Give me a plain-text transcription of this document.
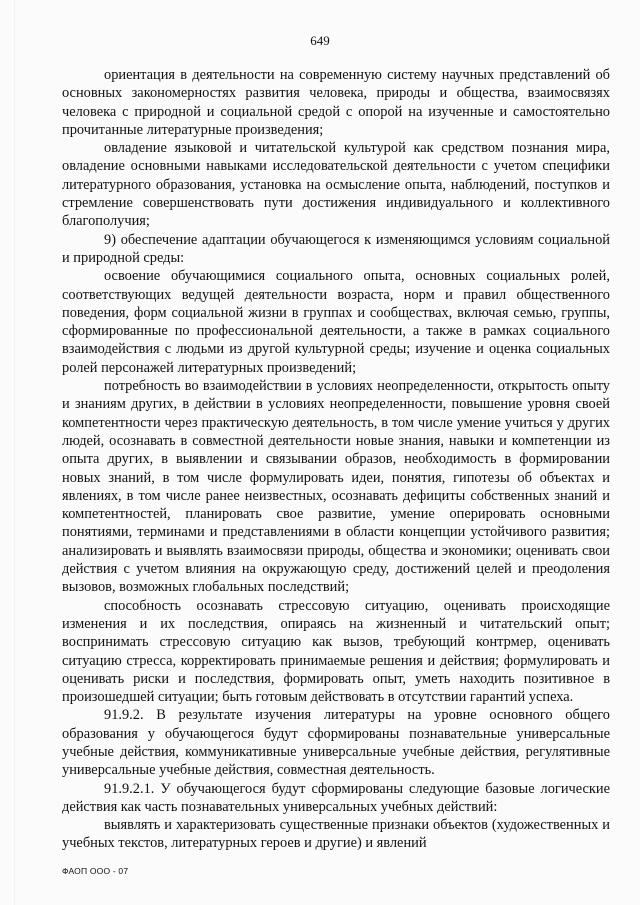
649

ориентация в деятельности на современную систему научных представлений об основных закономерностях развития человека, природы и общества, взаимосвязях человека с природной и социальной средой с опорой на изученные и самостоятельно прочитанные литературные произведения;

овладение языковой и читательской культурой как средством познания мира, овладение основными навыками исследовательской деятельности с учетом специфики литературного образования, установка на осмысление опыта, наблюдений, поступков и стремление совершенствовать пути достижения индивидуального и коллективного благополучия;

9) обеспечение адаптации обучающегося к изменяющимся условиям социальной и природной среды:

освоение обучающимися социального опыта, основных социальных ролей, соответствующих ведущей деятельности возраста, норм и правил общественного поведения, форм социальной жизни в группах и сообществах, включая семью, группы, сформированные по профессиональной деятельности, а также в рамках социального взаимодействия с людьми из другой культурной среды; изучение и оценка социальных ролей персонажей литературных произведений;

потребность во взаимодействии в условиях неопределенности, открытость опыту и знаниям других, в действии в условиях неопределенности, повышение уровня своей компетентности через практическую деятельность, в том числе умение учиться у других людей, осознавать в совместной деятельности новые знания, навыки и компетенции из опыта других, в выявлении и связывании образов, необходимость в формировании новых знаний, в том числе формулировать идеи, понятия, гипотезы об объектах и явлениях, в том числе ранее неизвестных, осознавать дефициты собственных знаний и компетентностей, планировать свое развитие, умение оперировать основными понятиями, терминами и представлениями в области концепции устойчивого развития; анализировать и выявлять взаимосвязи природы, общества и экономики; оценивать свои действия с учетом влияния на окружающую среду, достижений целей и преодоления вызовов, возможных глобальных последствий;

способность осознавать стрессовую ситуацию, оценивать происходящие изменения и их последствия, опираясь на жизненный и читательский опыт; воспринимать стрессовую ситуацию как вызов, требующий контрмер, оценивать ситуацию стресса, корректировать принимаемые решения и действия; формулировать и оценивать риски и последствия, формировать опыт, уметь находить позитивное в произошедшей ситуации; быть готовым действовать в отсутствии гарантий успеха.

91.9.2. В результате изучения литературы на уровне основного общего образования у обучающегося будут сформированы познавательные универсальные учебные действия, коммуникативные универсальные учебные действия, регулятивные универсальные учебные действия, совместная деятельность.

91.9.2.1. У обучающегося будут сформированы следующие базовые логические действия как часть познавательных универсальных учебных действий:

выявлять и характеризовать существенные признаки объектов (художественных и учебных текстов, литературных героев и другие) и явлений

ФАОП ООО - 07
